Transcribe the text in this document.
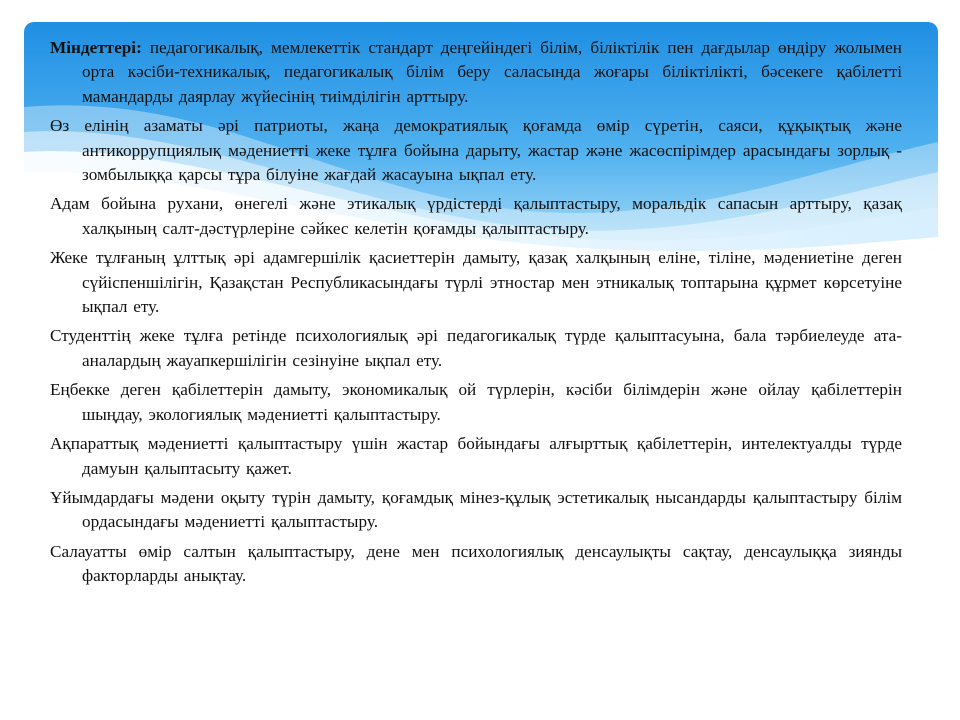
Міндеттері: педагогикалық, мемлекеттік стандарт деңгейіндегі білім, біліктілік пен дағдылар өндіру жолымен орта кәсіби-техникалық, педагогикалық білім беру саласында жоғары біліктілікті, бәсекеге қабілетті мамандарды даярлау жүйесінің тиімділігін арттыру.

Өз елінің азаматы әрі патриоты, жаңа демократиялық қоғамда өмір сүретін, саяси, құқықтық және антикоррупциялық мәдениетті жеке тұлға бойына дарыту, жастар және жасөспірімдер арасындағы зорлық - зомбылыққа қарсы тұра білуіне жағдай жасауына ықпал ету.

Адам бойына рухани, өнегелі және этикалық үрдістерді қалыптастыру, моральдік сапасын арттыру, қазақ халқының салт-дәстүрлеріне сәйкес келетін қоғамды қалыптастыру.

Жеке тұлғаның ұлттық әрі адамгершілік қасиеттерін дамыту, қазақ халқының еліне, тіліне, мәдениетіне деген сүйіспеншілігін, Қазақстан Республикасындағы түрлі этностар мен этникалық топтарына құрмет көрсетуіне ықпал ету.

Студенттің жеке тұлға ретінде психологиялық әрі педагогикалық түрде қалыптасуына, бала тәрбиелеуде ата-аналардың жауапкершілігін сезінуіне ықпал ету.

Еңбекке деген қабілеттерін дамыту, экономикалық ой түрлерін, кәсіби білімдерін және ойлау қабілеттерін шыңдау, экологиялық мәдениетті қалыптастыру.

Ақпараттық мәдениетті қалыптастыру үшін жастар бойындағы алғырттық қабілеттерін, интелектуалды түрде дамуын қалыптасыту қажет.

Ұйымдардағы мәдени оқыту түрін дамыту, қоғамдық мінез-құлық эстетикалық нысандарды қалыптастыру білім ордасындағы мәдениетті қалыптастыру.

Салауатты өмір салтын қалыптастыру, дене мен психологиялық денсаулықты сақтау, денсаулыққа зиянды факторларды анықтау.
